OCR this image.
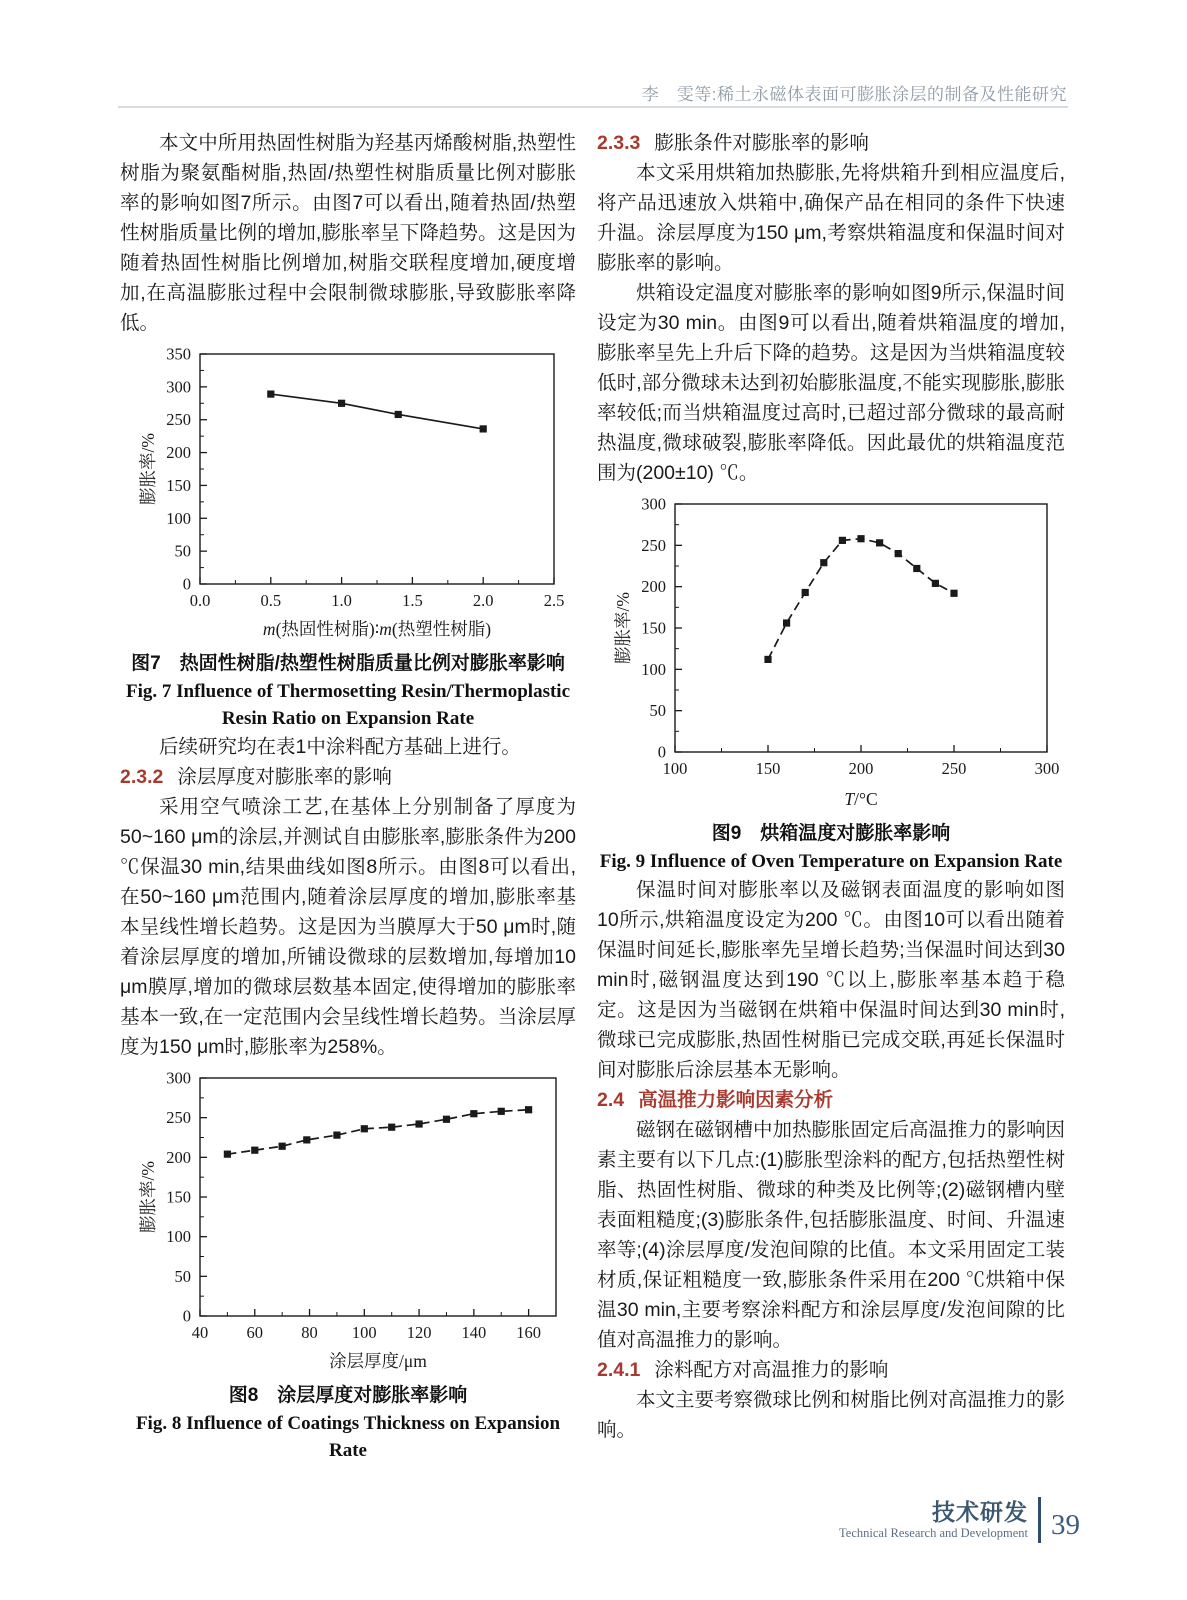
李　雯等:稀土永磁体表面可膨胀涂层的制备及性能研究

本文中所用热固性树脂为羟基丙烯酸树脂,热塑性树脂为聚氨酯树脂,热固/热塑性树脂质量比例对膨胀率的影响如图7所示。由图7可以看出,随着热固/热塑性树脂质量比例的增加,膨胀率呈下降趋势。这是因为随着热固性树脂比例增加,树脂交联程度增加,硬度增加,在高温膨胀过程中会限制微球膨胀,导致膨胀率降低。

0.0	0.5	1.0	1.5	2.0	2.5
0
50
100
150
200
250
300
350
m(热固性树脂)∶m(热塑性树脂)
膨胀率/%
图7　热固性树脂/热塑性树脂质量比例对膨胀率影响
Fig. 7 Influence of Thermosetting Resin/Thermoplastic Resin Ratio on Expansion Rate

后续研究均在表1中涂料配方基础上进行。

2.3.2 涂层厚度对膨胀率的影响

采用空气喷涂工艺,在基体上分别制备了厚度为50~160 μm的涂层,并测试自由膨胀率,膨胀条件为200 ℃保温30 min,结果曲线如图8所示。由图8可以看出,在50~160 μm范围内,随着涂层厚度的增加,膨胀率基本呈线性增长趋势。这是因为当膜厚大于50 μm时,随着涂层厚度的增加,所铺设微球的层数增加,每增加10 μm膜厚,增加的微球层数基本固定,使得增加的膨胀率基本一致,在一定范围内会呈线性增长趋势。当涂层厚度为150 μm时,膨胀率为258%。

40 60 80 100 120 140 160
0
50
100
150
200
250
300
涂层厚度/μm
膨胀率/%
图8　涂层厚度对膨胀率影响
Fig. 8 Influence of Coatings Thickness on Expansion Rate
2.3.3 膨胀条件对膨胀率的影响

本文采用烘箱加热膨胀,先将烘箱升到相应温度后,将产品迅速放入烘箱中,确保产品在相同的条件下快速升温。涂层厚度为150 μm,考察烘箱温度和保温时间对膨胀率的影响。

烘箱设定温度对膨胀率的影响如图9所示,保温时间设定为30 min。由图9可以看出,随着烘箱温度的增加,膨胀率呈先上升后下降的趋势。这是因为当烘箱温度较低时,部分微球未达到初始膨胀温度,不能实现膨胀,膨胀率较低;而当烘箱温度过高时,已超过部分微球的最高耐热温度,微球破裂,膨胀率降低。因此最优的烘箱温度范围为(200±10) ℃。

100	150	200	250	300
0
50
100
150
200
250
300
T/°C
膨胀率/%
图9　烘箱温度对膨胀率影响
Fig. 9 Influence of Oven Temperature on Expansion Rate

保温时间对膨胀率以及磁钢表面温度的影响如图10所示,烘箱温度设定为200 ℃。由图10可以看出随着保温时间延长,膨胀率先呈增长趋势;当保温时间达到30 min时,磁钢温度达到190 ℃以上,膨胀率基本趋于稳定。这是因为当磁钢在烘箱中保温时间达到30 min时,微球已完成膨胀,热固性树脂已完成交联,再延长保温时间对膨胀后涂层基本无影响。

2.4 高温推力影响因素分析

磁钢在磁钢槽中加热膨胀固定后高温推力的影响因素主要有以下几点:(1)膨胀型涂料的配方,包括热塑性树脂、热固性树脂、微球的种类及比例等;(2)磁钢槽内壁表面粗糙度;(3)膨胀条件,包括膨胀温度、时间、升温速率等;(4)涂层厚度/发泡间隙的比值。本文采用固定工装材质,保证粗糙度一致,膨胀条件采用在200 ℃烘箱中保温30 min,主要考察涂料配方和涂层厚度/发泡间隙的比值对高温推力的影响。

2.4.1 涂料配方对高温推力的影响

本文主要考察微球比例和树脂比例对高温推力的影响。

技术研发
Technical Research and Development 39
